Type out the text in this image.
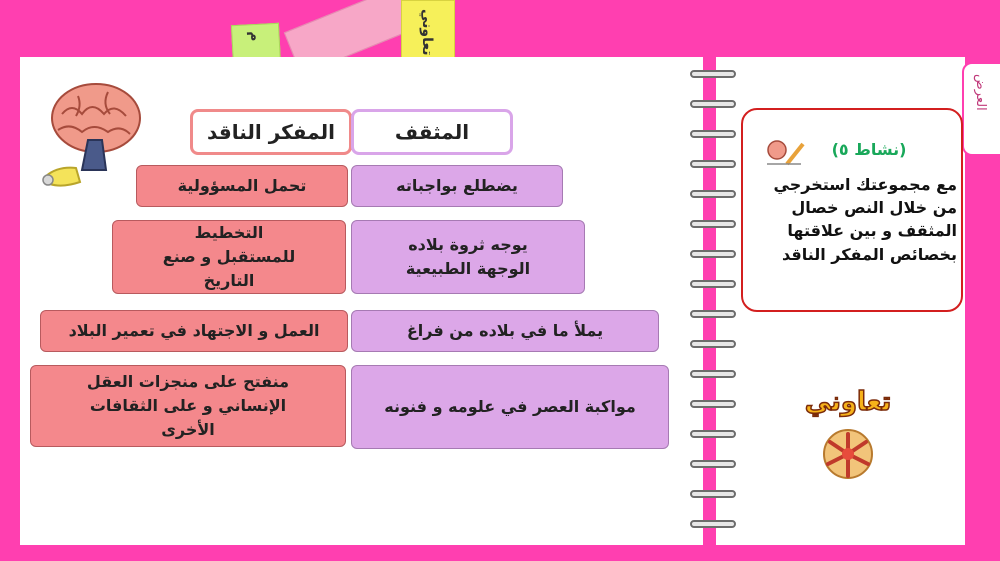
م	تعاوني
العرض
المفكر الناقد	المثقف
يضطلع بواجباته
تحمل المسؤولية
يوجه ثروة بلاده الوجهة الطبيعية
التخطيط للمستقبل و صنع التاريخ
يملأ ما في بلاده من فراغ
العمل و الاجتهاد في تعمير البلاد
مواكبة العصر في علومه و فنونه
منفتح على منجزات العقل الإنساني و على الثقافات الأخرى
(نشاط ٥)
مع مجموعتك استخرجي من خلال النص خصال المثقف و بين علاقتها بخصائص المفكر الناقد
تعاوني
